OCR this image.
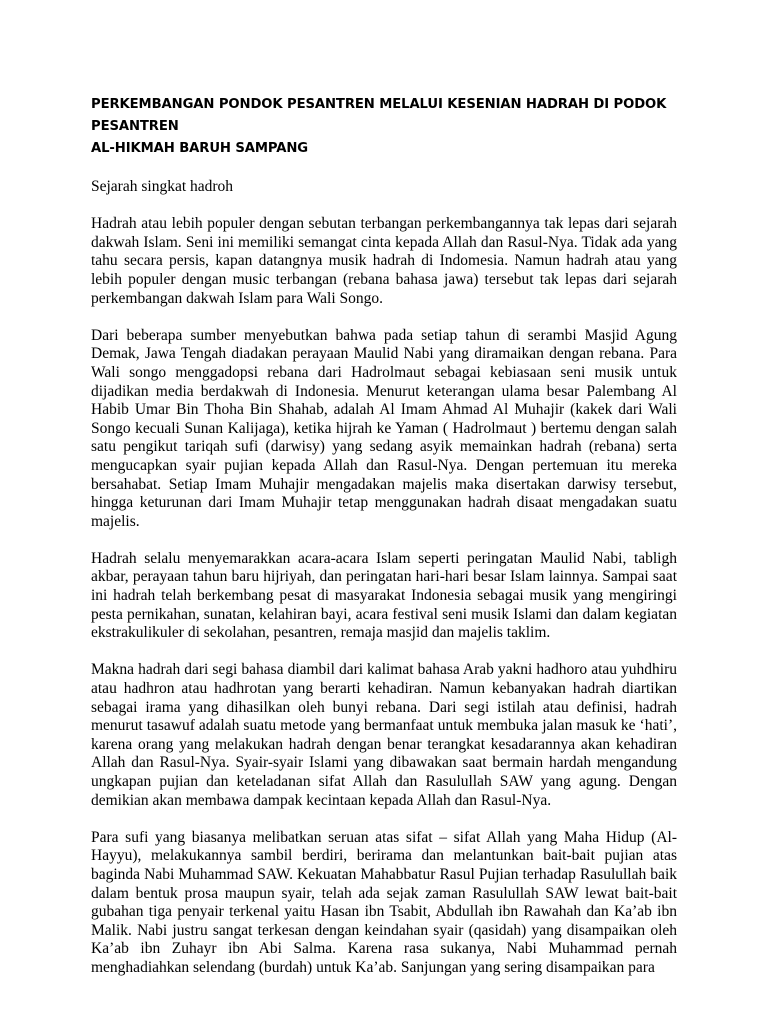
PERKEMBANGAN PONDOK PESANTREN MELALUI KESENIAN HADRAH DI PODOK PESANTREN
AL-HIKMAH BARUH SAMPANG

Sejarah singkat hadroh

Hadrah atau lebih populer dengan sebutan terbangan perkembangannya tak lepas dari sejarah dakwah Islam. Seni ini memiliki semangat cinta kepada Allah dan Rasul-Nya. Tidak ada yang tahu secara persis, kapan datangnya musik hadrah di Indomesia. Namun hadrah atau yang lebih populer dengan music terbangan (rebana bahasa jawa) tersebut tak lepas dari sejarah perkembangan dakwah Islam para Wali Songo.

Dari beberapa sumber menyebutkan bahwa pada setiap tahun di serambi Masjid Agung Demak, Jawa Tengah diadakan perayaan Maulid Nabi yang diramaikan dengan rebana. Para Wali songo menggadopsi rebana dari Hadrolmaut sebagai kebiasaan seni musik untuk dijadikan media berdakwah di Indonesia. Menurut keterangan ulama besar Palembang Al Habib Umar Bin Thoha Bin Shahab, adalah Al Imam Ahmad Al Muhajir (kakek dari Wali Songo kecuali Sunan Kalijaga), ketika hijrah ke Yaman ( Hadrolmaut ) bertemu dengan salah satu pengikut tariqah sufi (darwisy) yang sedang asyik memainkan hadrah (rebana) serta mengucapkan syair pujian kepada Allah dan Rasul-Nya. Dengan pertemuan itu mereka bersahabat. Setiap Imam Muhajir mengadakan majelis maka disertakan darwisy tersebut, hingga keturunan dari Imam Muhajir tetap menggunakan hadrah disaat mengadakan suatu majelis.

Hadrah selalu menyemarakkan acara-acara Islam seperti peringatan Maulid Nabi, tabligh akbar, perayaan tahun baru hijriyah, dan peringatan hari-hari besar Islam lainnya. Sampai saat ini hadrah telah berkembang pesat di masyarakat Indonesia sebagai musik yang mengiringi pesta pernikahan, sunatan, kelahiran bayi, acara festival seni musik Islami dan dalam kegiatan ekstrakulikuler di sekolahan, pesantren, remaja masjid dan majelis taklim.

Makna hadrah dari segi bahasa diambil dari kalimat bahasa Arab yakni hadhoro atau yuhdhiru atau hadhron atau hadhrotan yang berarti kehadiran. Namun kebanyakan hadrah diartikan sebagai irama yang dihasilkan oleh bunyi rebana. Dari segi istilah atau definisi, hadrah menurut tasawuf adalah suatu metode yang bermanfaat untuk membuka jalan masuk ke ‘hati’, karena orang yang melakukan hadrah dengan benar terangkat kesadarannya akan kehadiran Allah dan Rasul-Nya. Syair-syair Islami yang dibawakan saat bermain hardah mengandung ungkapan pujian dan keteladanan sifat Allah dan Rasulullah SAW yang agung. Dengan demikian akan membawa dampak kecintaan kepada Allah dan Rasul-Nya.

Para sufi yang biasanya melibatkan seruan atas sifat – sifat Allah yang Maha Hidup (Al-Hayyu), melakukannya sambil berdiri, berirama dan melantunkan bait-bait pujian atas baginda Nabi Muhammad SAW. Kekuatan Mahabbatur Rasul Pujian terhadap Rasulullah baik dalam bentuk prosa maupun syair, telah ada sejak zaman Rasulullah SAW lewat bait-bait gubahan tiga penyair terkenal yaitu Hasan ibn Tsabit, Abdullah ibn Rawahah dan Ka’ab ibn Malik. Nabi justru sangat terkesan dengan keindahan syair (qasidah) yang disampaikan oleh Ka’ab ibn Zuhayr ibn Abi Salma. Karena rasa sukanya, Nabi Muhammad pernah menghadiahkan selendang (burdah) untuk Ka’ab. Sanjungan yang sering disampaikan para
